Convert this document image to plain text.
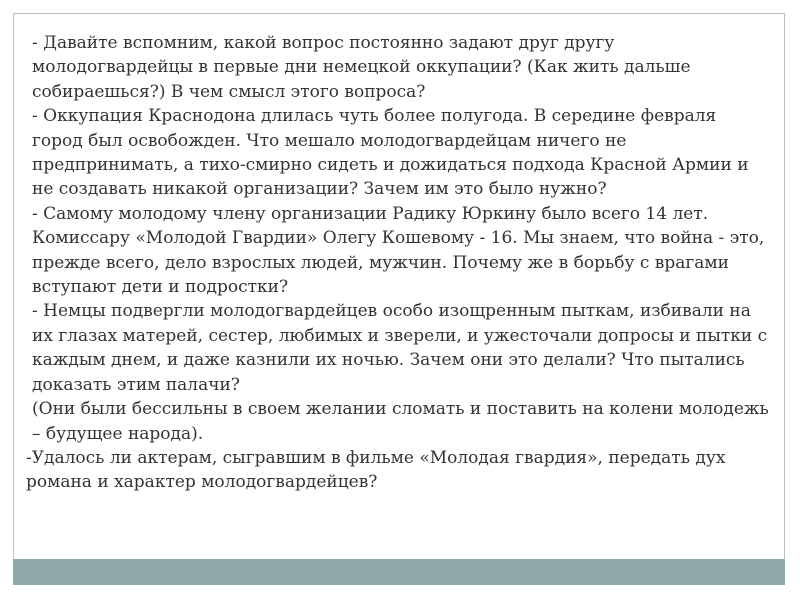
- Давайте вспомним, какой вопрос постоянно задают друг другу молодогвардейцы в первые дни немецкой оккупации? (Как жить дальше собираешься?) В чем смысл этого вопроса?

- Оккупация Краснодона длилась чуть более полугода. В середине февраля город был освобожден. Что мешало молодогвардейцам ничего не предпринимать, а тихо-смирно сидеть и дожидаться подхода Красной Армии и не создавать никакой организации? Зачем им это было нужно?

- Самому молодому члену организации Радику Юркину было всего 14 лет. Комиссару «Молодой Гвардии» Олегу Кошевому - 16. Мы знаем, что война - это, прежде всего, дело взрослых людей, мужчин. Почему же в борьбу с врагами вступают дети и подростки?

- Немцы подвергли молодогвардейцев особо изощренным пыткам, избивали на их глазах матерей, сестер, любимых и зверели, и ужесточали допросы и пытки с каждым днем, и даже казнили их ночью. Зачем они это делали? Что пытались доказать этим палачи?

(Они были бессильны в своем желании сломать и поставить на колени молодежь – будущее народа).

-Удалось ли актерам, сыгравшим в фильме «Молодая гвардия», передать дух романа и характер молодогвардейцев?
